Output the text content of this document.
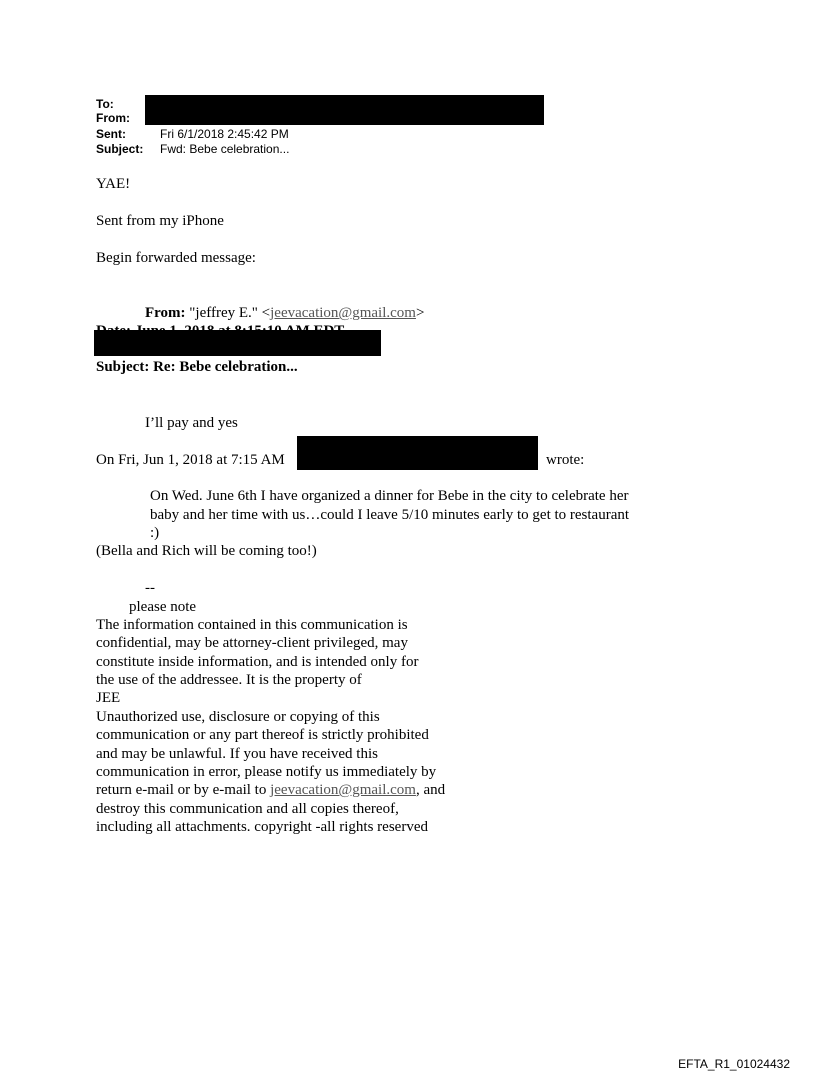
To:
From:
Sent:	Fri 6/1/2018 2:45:42 PM
Subject: Fwd: Bebe celebration...
YAE!
Sent from my iPhone
Begin forwarded message:
From: "jeffrey E." <jeevacation@gmail.com>
Subject: Re: Bebe celebration...
I’ll pay and yes
On Fri, Jun 1, 2018 at 7:15 AM	wrote:
On Wed. June 6th I have organized a dinner for Bebe in the city to celebrate her
baby and her time with us…could I leave 5/10 minutes early to get to restaurant
:)
(Bella and Rich will be coming too!)
--
please note
The information contained in this communication is
confidential, may be attorney-client privileged, may
constitute inside information, and is intended only for
the use of the addressee. It is the property of
JEE
Unauthorized use, disclosure or copying of this
communication or any part thereof is strictly prohibited
and may be unlawful. If you have received this
communication in error, please notify us immediately by
return e-mail or by e-mail to jeevacation@gmail.com, and
destroy this communication and all copies thereof,
including all attachments. copyright -all rights reserved
EFTA_R1_01024432
